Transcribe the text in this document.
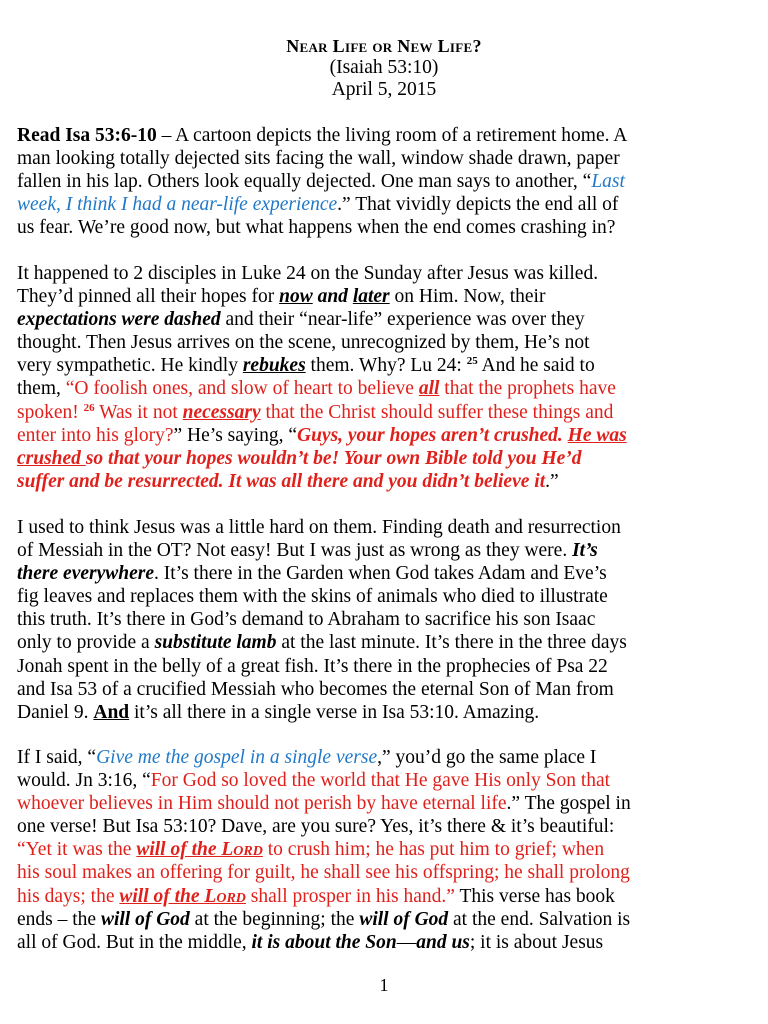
Near Life or New Life?
(Isaiah 53:10)
April 5, 2015
Read Isa 53:6-10 – A cartoon depicts the living room of a retirement home. A
man looking totally dejected sits facing the wall, window shade drawn, paper
fallen in his lap. Others look equally dejected. One man says to another, “Last
week, I think I had a near-life experience.” That vividly depicts the end all of
us fear. We’re good now, but what happens when the end comes crashing in?
It happened to 2 disciples in Luke 24 on the Sunday after Jesus was killed.
They’d pinned all their hopes for now and later on Him. Now, their
expectations were dashed and their “near-life” experience was over they
thought. Then Jesus arrives on the scene, unrecognized by them, He’s not
very sympathetic. He kindly rebukes them. Why? Lu 24: $^{25}$ And he said to
them, “O foolish ones, and slow of heart to believe all that the prophets have
spoken! $^{26}$ Was it not necessary that the Christ should suffer these things and
enter into his glory?” He’s saying, “Guys, your hopes aren’t crushed. He was
crushed so that your hopes wouldn’t be! Your own Bible told you He’d
suffer and be resurrected. It was all there and you didn’t believe it.”
I used to think Jesus was a little hard on them. Finding death and resurrection
of Messiah in the OT? Not easy! But I was just as wrong as they were. It’s
there everywhere. It’s there in the Garden when God takes Adam and Eve’s
fig leaves and replaces them with the skins of animals who died to illustrate
this truth. It’s there in God’s demand to Abraham to sacrifice his son Isaac
only to provide a substitute lamb at the last minute. It’s there in the three days
Jonah spent in the belly of a great fish. It’s there in the prophecies of Psa 22
and Isa 53 of a crucified Messiah who becomes the eternal Son of Man from
Daniel 9. And it’s all there in a single verse in Isa 53:10. Amazing.
If I said, “Give me the gospel in a single verse,” you’d go the same place I
would. Jn 3:16, “For God so loved the world that He gave His only Son that
whoever believes in Him should not perish by have eternal life.” The gospel in
one verse! But Isa 53:10? Dave, are you sure? Yes, it’s there & it’s beautiful:
“Yet it was the will of the Lord to crush him; he has put him to grief; when
his soul makes an offering for guilt, he shall see his offspring; he shall prolong
his days; the will of the Lord shall prosper in his hand.” This verse has book
ends – the will of God at the beginning; the will of God at the end. Salvation is
all of God. But in the middle, it is about the Son—and us; it is about Jesus
1
